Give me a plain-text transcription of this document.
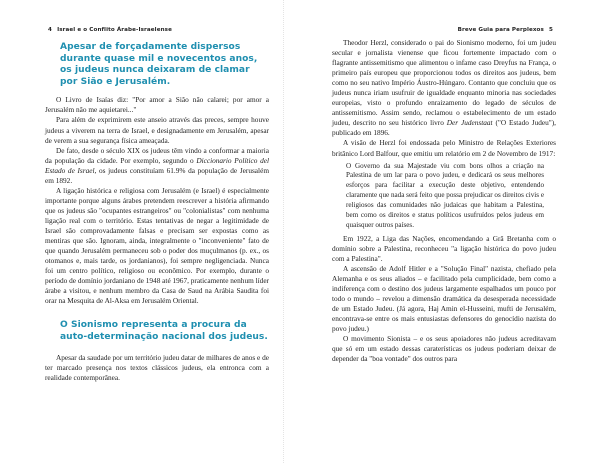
4 Israel e o Conflito Árabe-Israelense
Apesar de forçadamente dispersos durante quase mil e novecentos anos, os judeus nunca deixaram de clamar por Sião e Jerusalém.

O Livro de Isaías diz: "Por amor a Sião não calarei; por amor a Jerusalém não me aquietarei..."

Para além de exprimirem este anseio através das preces, sempre houve judeus a viverem na terra de Israel, e designadamente em Jerusalém, apesar de verem a sua segurança física ameaçada.

De fato, desde o século XIX os judeus têm vindo a conformar a maioria da população da cidade. Por exemplo, segundo o Diccionario Político del Estado de Israel, os judeus constituíam 61.9% da população de Jerusalém em 1892.

A ligação histórica e religiosa com Jerusalém (e Israel) é especialmente importante porque alguns árabes pretendem reescrever a história afirmando que os judeus são "ocupantes estrangeiros" ou "colonialistas" com nenhuma ligação real com o território. Estas tentativas de negar a legitimidade de Israel são comprovadamente falsas e precisam ser expostas como as mentiras que são. Ignoram, ainda, integralmente o "inconveniente" fato de que quando Jerusalém permaneceu sob o poder dos muçulmanos (p. ex., os otomanos e, mais tarde, os jordanianos), foi sempre negligenciada. Nunca foi um centro político, religioso ou econômico. Por exemplo, durante o período de domínio jordaniano de 1948 até 1967, praticamente nenhum líder árabe a visitou, e nenhum membro da Casa de Saud na Arábia Saudita foi orar na Mesquita de Al-Aksa em Jerusalém Oriental.

O Sionismo representa a procura da auto-determinação nacional dos judeus.

Apesar da saudade por um território judeu datar de milhares de anos e de ter marcado presença nos textos clássicos judeus, ela entronca com a realidade contemporânea.

Breve Guia para Perplexos 5

Theodor Herzl, considerado o pai do Sionismo moderno, foi um judeu secular e jornalista vienense que ficou fortemente impactado com o flagrante antissemitismo que alimentou o infame caso Dreyfus na França, o primeiro país europeu que proporcionou todos os direitos aos judeus, bem como no seu nativo Império Áustro-Húngaro. Contanto que concluiu que os judeus nunca iriam usufruir de igualdade enquanto minoria nas sociedades europeias, visto o profundo enraizamento do legado de séculos de antissemitismo. Assim sendo, reclamou o estabelecimento de um estado judeu, descrito no seu histórico livro Der Judenstaat ("O Estado Judeu"), publicado em 1896.

A visão de Herzl foi endossada pelo Ministro de Relações Exteriores britânico Lord Balfour, que emitiu um relatório em 2 de Novembro de 1917:

O Governo da sua Majestade viu com bons olhos a criação na Palestina de um lar para o povo judeu, e dedicará os seus melhores esforços para facilitar a execução deste objetivo, entendendo claramente que nada será feito que possa prejudicar os direitos civis e religiosos das comunidades não judaicas que habitam a Palestina, bem como os direitos e status políticos usufruídos pelos judeus em quaisquer outros países.

Em 1922, a Liga das Nações, encomendando a Grã Bretanha com o domínio sobre a Palestina, reconheceu "a ligação histórica do povo judeu com a Palestina".

A ascensão de Adolf Hitler e a "Solução Final" nazista, chefiado pela Alemanha e os seus aliados – e facilitado pela cumplicidade, bem como a indiferença com o destino dos judeus largamente espalhados um pouco por todo o mundo – revelou a dimensão dramática da desesperada necessidade de um Estado Judeu. (Já agora, Haj Amin el-Husseini, mufti de Jerusalém, encontrava-se entre os mais entusiastas defensores do genocídio nazista do povo judeu.)

O movimento Sionista – e os seus apoiadores não judeus acreditavam que só em um estado dessas caraterísticas os judeus poderiam deixar de depender da "boa vontade" dos outros para
